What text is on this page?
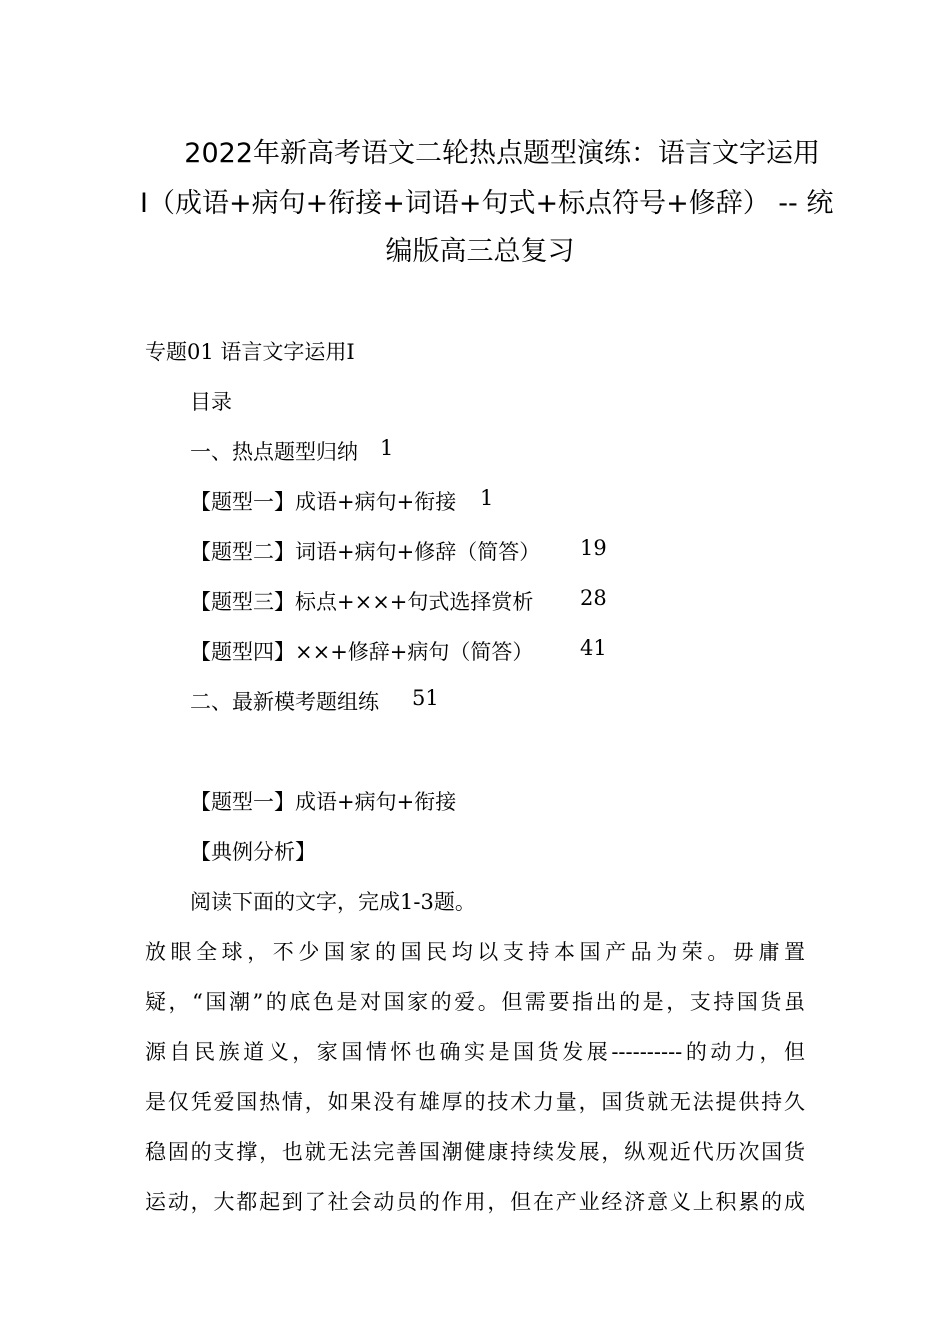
2022年新高考语文二轮热点题型演练：语言文字运用
Ⅰ（成语+病句+衔接+词语+句式+标点符号+修辞） -- 统
编版高三总复习
专题01 语言文字运用Ⅰ
目录
一、热点题型归纳 1
【题型一】成语+病句+衔接 1
【题型二】词语+病句+修辞（简答） 19
【题型三】标点+××+句式选择赏析 28
【题型四】××+修辞+病句（简答） 41
二、最新模考题组练 51
【题型一】成语+病句+衔接
【典例分析】
阅读下面的文字，完成1-3题。
放眼全球，不少国家的国民均以支持本国产品为荣。毋庸置
疑，“国潮”的底色是对国家的爱。但需要指出的是，支持国货虽
源自民族道义，家国情怀也确实是国货发展----------的动力，但
是仅凭爱国热情，如果没有雄厚的技术力量，国货就无法提供持久
稳固的支撑，也就无法完善国潮健康持续发展，纵观近代历次国货
运动，大都起到了社会动员的作用，但在产业经济意义上积累的成
